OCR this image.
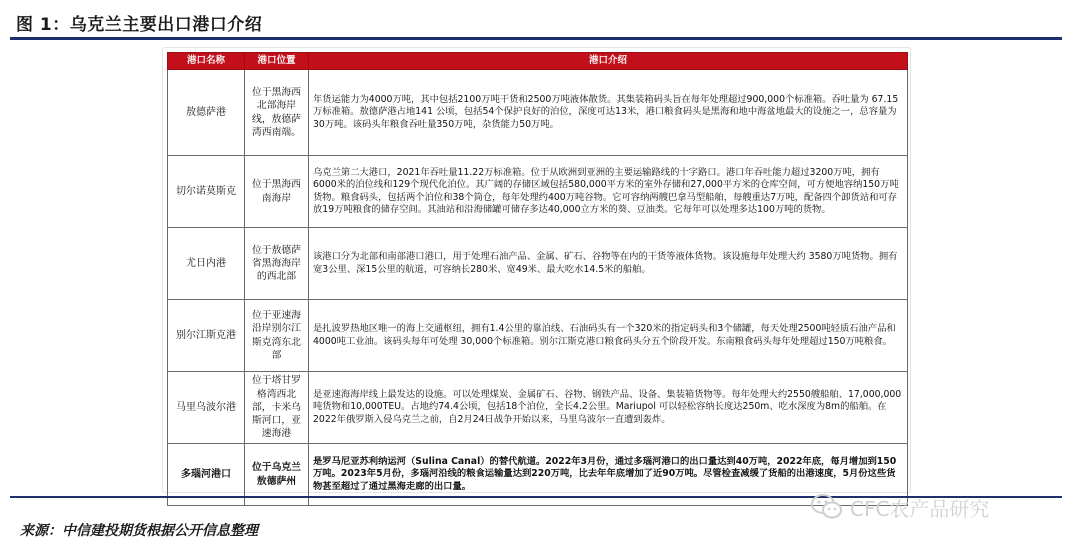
图 1：乌克兰主要出口港口介绍
港口名称	港口位置	港口介绍
敖德萨港	位于黑海西北部海岸线，敖德萨湾西南端。	年货运能力为4000万吨，其中包括2100万吨干货和2500万吨液体散货。其集装箱码头旨在每年处理超过900,000个标准箱。吞吐量为 67.15 万标准箱。敖德萨港占地141 公顷，包括54个保护良好的泊位，深度可达13米，港口粮食码头是黑海和地中海盆地最大的设施之一，总容量为30万吨。该码头年粮食吞吐量350万吨，杂货能力50万吨。
切尔诺莫斯克	位于黑海西南海岸	乌克兰第二大港口，2021年吞吐量11.22万标准箱。位于从欧洲到亚洲的主要运输路线的十字路口。港口年吞吐能力超过3200万吨，拥有6000米的泊位线和129个现代化泊位。其广阔的存储区域包括580,000平方米的室外存储和27,000平方米的仓库空间，可方便地容纳150万吨货物。粮食码头，包括两个泊位和38个筒仓，每年处理约400万吨谷物。它可容纳两艘巴拿马型船舶，每艘重达7万吨，配备四个卸货站和可存放19万吨粮食的储存空间。其油站和沿海储罐可储存多达40,000立方米的葵、豆油类。它每年可以处理多达100万吨的货物。
尤日内港	位于敖德萨省黑海海岸的西北部	该港口分为北部和南部港口港口，用于处理石油产品、金属、矿石、谷物等在内的干货等液体货物。该设施每年处理大约 3580万吨货物。拥有宽3公里、深15公里的航道，可容纳长280米、宽49米、最大吃水14.5米的船舶。
别尔江斯克港	位于亚速海沿岸别尔江斯克湾东北部	是扎波罗热地区唯一的海上交通枢纽，拥有1.4公里的靠泊线、石油码头有一个320米的指定码头和3个储罐，每天处理2500吨轻质石油产品和4000吨工业油。该码头每年可处理 30,000个标准箱。别尔江斯克港口粮食码头分五个阶段开发。东南粮食码头每年处理超过150万吨粮食。
马里乌波尔港	位于塔甘罗格湾西北部，卡米乌斯河口，亚速海港	是亚速海海岸线上最发达的设施。可以处理煤炭、金属矿石、谷物、钢铁产品、设备、集装箱货物等。每年处理大约2550艘船舶、17,000,000吨货物和10,000TEU。占地约74.4公顷，包括18个泊位，全长4.2公里。Mariupol 可以轻松容纳长度达250m、吃水深度为8m的船舶。在2022年俄罗斯入侵乌克兰之前，自2月24日战争开始以来，马里乌波尔一直遭到轰炸。
多瑙河港口	位于乌克兰敖德萨州	是罗马尼亚苏利纳运河（Sulina Canal）的替代航道。2022年3月份，通过多瑙河港口的出口量达到40万吨，2022年底，每月增加到150万吨。2023年5月份，多瑙河沿线的粮食运输量达到220万吨，比去年年底增加了近90万吨。尽管检查减缓了货船的出港速度，5月份这些货物甚至超过了通过黑海走廊的出口量。
CFC农产品研究
来源：中信建投期货根据公开信息整理
